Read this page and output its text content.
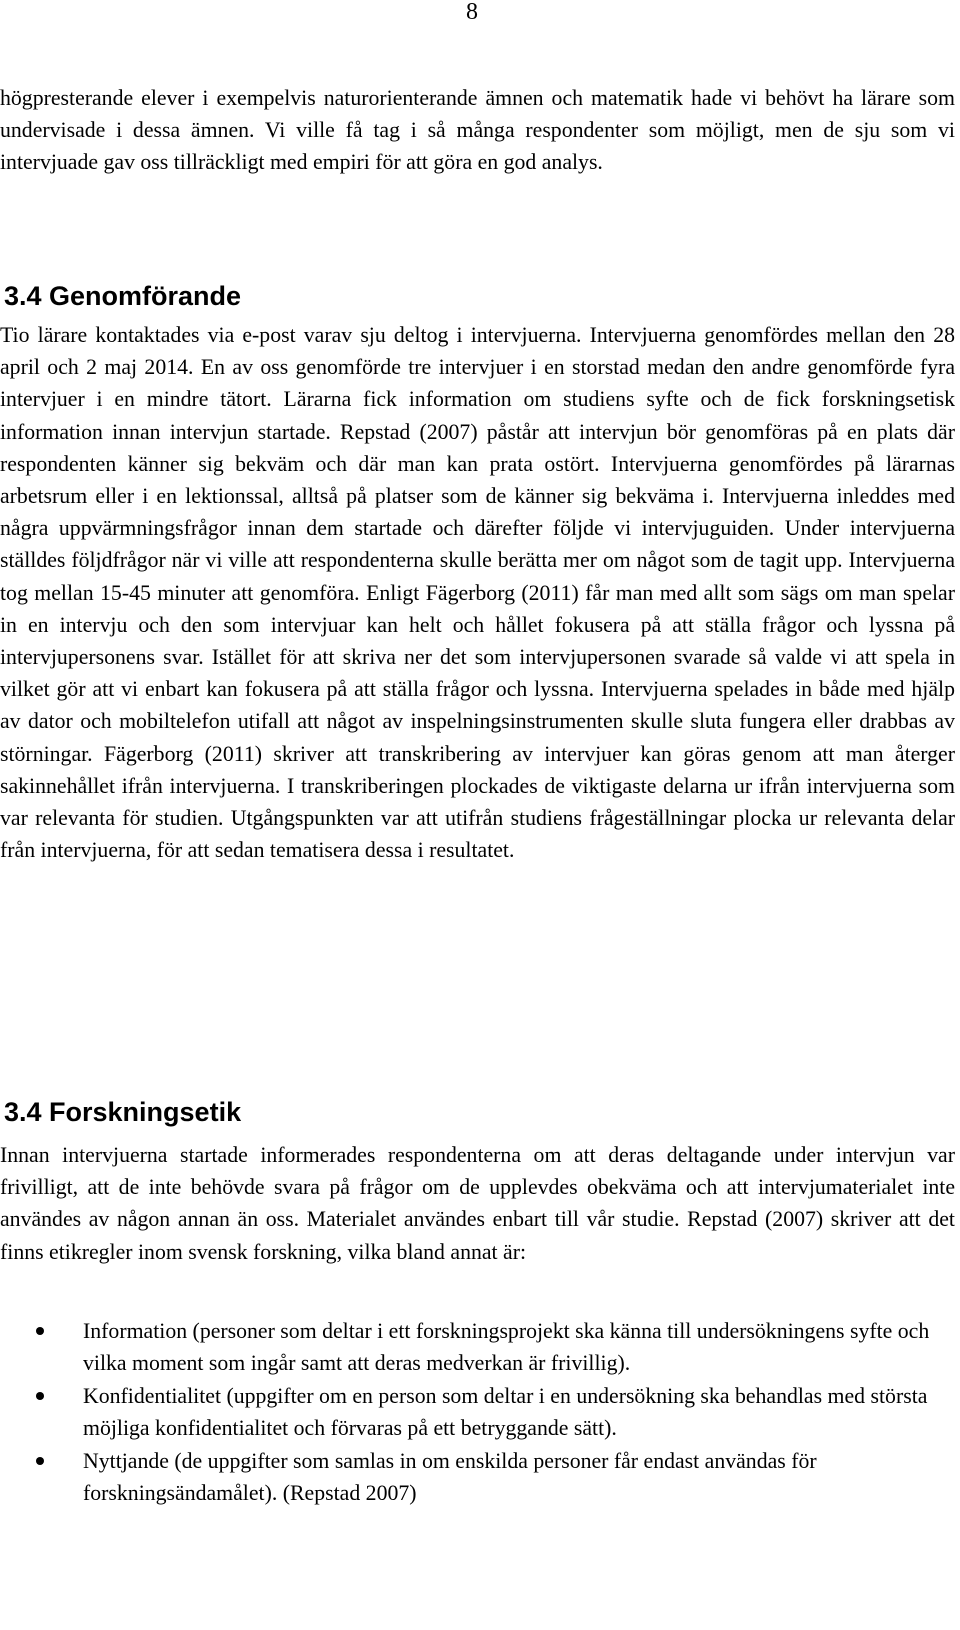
8

högpresterande elever i exempelvis naturorienterande ämnen och matematik hade vi behövt ha lärare som undervisade i dessa ämnen. Vi ville få tag i så många respondenter som möjligt, men de sju som vi intervjuade gav oss tillräckligt med empiri för att göra en god analys.

3.4 Genomförande

Tio lärare kontaktades via e-post varav sju deltog i intervjuerna. Intervjuerna genomfördes mellan den 28 april och 2 maj 2014. En av oss genomförde tre intervjuer i en storstad medan den andre genomförde fyra intervjuer i en mindre tätort. Lärarna fick information om studiens syfte och de fick forskningsetisk information innan intervjun startade. Repstad (2007) påstår att intervjun bör genomföras på en plats där respondenten känner sig bekväm och där man kan prata ostört. Intervjuerna genomfördes på lärarnas arbetsrum eller i en lektionssal, alltså på platser som de känner sig bekväma i. Intervjuerna inleddes med några uppvärmningsfrågor innan dem startade och därefter följde vi intervjuguiden. Under intervjuerna ställdes följdfrågor när vi ville att respondenterna skulle berätta mer om något som de tagit upp. Intervjuerna tog mellan 15-45 minuter att genomföra. Enligt Fägerborg (2011) får man med allt som sägs om man spelar in en intervju och den som intervjuar kan helt och hållet fokusera på att ställa frågor och lyssna på intervjupersonens svar. Istället för att skriva ner det som intervjupersonen svarade så valde vi att spela in vilket gör att vi enbart kan fokusera på att ställa frågor och lyssna. Intervjuerna spelades in både med hjälp av dator och mobiltelefon utifall att något av inspelningsinstrumenten skulle sluta fungera eller drabbas av störningar. Fägerborg (2011) skriver att transkribering av intervjuer kan göras genom att man återger sakinnehållet ifrån intervjuerna. I transkriberingen plockades de viktigaste delarna ur ifrån intervjuerna som var relevanta för studien. Utgångspunkten var att utifrån studiens frågeställningar plocka ur relevanta delar från intervjuerna, för att sedan tematisera dessa i resultatet.

3.4 Forskningsetik

Innan intervjuerna startade informerades respondenterna om att deras deltagande under intervjun var frivilligt, att de inte behövde svara på frågor om de upplevdes obekväma och att intervjumaterialet inte användes av någon annan än oss. Materialet användes enbart till vår studie. Repstad (2007) skriver att det finns etikregler inom svensk forskning, vilka bland annat är:

Information (personer som deltar i ett forskningsprojekt ska känna till undersökningens syfte och vilka moment som ingår samt att deras medverkan är frivillig).
Konfidentialitet (uppgifter om en person som deltar i en undersökning ska behandlas med största möjliga konfidentialitet och förvaras på ett betryggande sätt).
Nyttjande (de uppgifter som samlas in om enskilda personer får endast användas för forskningsändamålet). (Repstad 2007)
